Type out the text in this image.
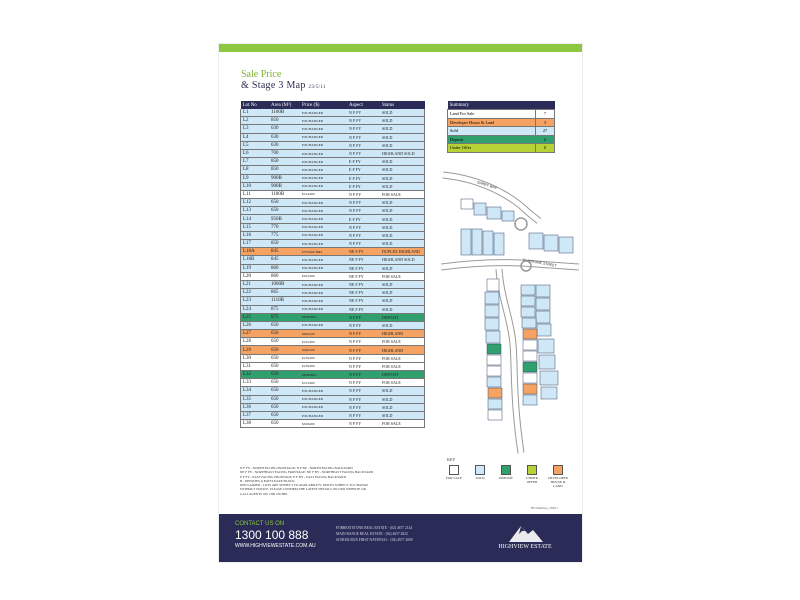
Sale Price
& Stage 3 Map 23/5/11
Lot No	Area (M²)	Price ($)	Aspect	Status
L1	1100B	EXCHANGED	N F FY	SOLD
L2	850	EXCHANGED	N F FY	SOLD
L3	630	EXCHANGED	N F FY	SOLD
L4	630	EXCHANGED	N F FY	SOLD
L5	630	EXCHANGED	N F FY	SOLD
L6	700	EXCHANGED	N F FY	HIGHLAND SOLD
L7	850	EXCHANGED	E F FY	SOLD
L8	850	EXCHANGED	E F FY	SOLD
L9	900B	EXCHANGED	E F FY	SOLD
L10	900B	EXCHANGED	E F FY	SOLD
L11	1180B	$154,000	N F FY	FOR SALE
L12	650	EXCHANGED	N F FY	SOLD
L13	650	EXCHANGED	N F FY	SOLD
L14	950B	EXCHANGED	E F FY	SOLD
L15	770	EXCHANGED	N F FY	SOLD
L16	775	EXCHANGED	N F FY	SOLD
L17	850	EXCHANGED	N F FY	SOLD
L18A	845	$379,000 H&L	NE F FY	DUPLEX HIGHLAND
L18B	845	EXCHANGED	NE F FY	HIGHLAND SOLD
L19	860	EXCHANGED	NE F FY	SOLD
L20	860	$163,000	NE F FY	FOR SALE
L21	1000B	EXCHANGED	NE F FY	SOLD
L22	865	EXCHANGED	NE F FY	SOLD
L23	1110B	EXCHANGED	NE F FY	SOLD
L24	875	EXCHANGED	NE F FY	SOLD
L25	875	PENDING	N F FY	DEPOSIT
L26	650	EXCHANGED	N F FY	SOLD
L27	650	$409,950	N F FY	HIGHLAND
L28	650	$145,000	N F FY	FOR SALE
L29	650	$449,500	N F FY	HIGHLAND
L30	650	$139,000	N F FY	FOR SALE
L31	650	$139,000	N F FY	FOR SALE
L32	650	PENDING	N F FY	DEPOSIT
L33	650	$133,000	N F FY	FOR SALE
L34	650	EXCHANGED	N F FY	SOLD
L35	650	EXCHANGED	N F FY	SOLD
L36	650	EXCHANGED	N F FY	SOLD
L37	650	EXCHANGED	N F FY	SOLD
L38	650	$329,000	N F FY	FOR SALE
N F FY - NORTH FACING FRONTAGE; N F BY - NORTH FACING BACKYARD
NE F FY - NORTHEAST FACING FRONTAGE; NE F BY - NORTHEAST FACING BACKYARD
E F FY - EAST FACING FRONTAGE; E F BY - EAST FACING BACKYARD
B - DENOTES A BATTLEAXE BLOCK
DISCLAIMER - LOTS ARE SUBJECT TO AVAILABILITY. PRICES SUBJECT TO CHANGE
WITHOUT NOTICE. PLEASE CONFIRM THE LATEST DETAILS ON OUR WEBSITE OR
CALL AGENTS ON 1300 100 888.
Summary	
Land For Sale	7
Developer House & Land	3
Sold	27
Deposit	2
Under Offer	0
BARRY WAY
ELMSTONE STREET
KEY
FOR SALE	SOLD	DEPOSIT	UNDER OFFER
DEVELOPER HOUSE & LAND
HV/SalePrice_230511
CONTACT US ON
1300 100 888
WWW.HIGHVIEWESTATE.COM.AU
FORRESTSTONE REAL ESTATE - (02) 4677 2144
MAIN RANGE REAL ESTATE - (02) 4657 2822
SCHOOLBOX FIRST NATIONAL - (02) 4677 2000
HIGHVIEW ESTATE
